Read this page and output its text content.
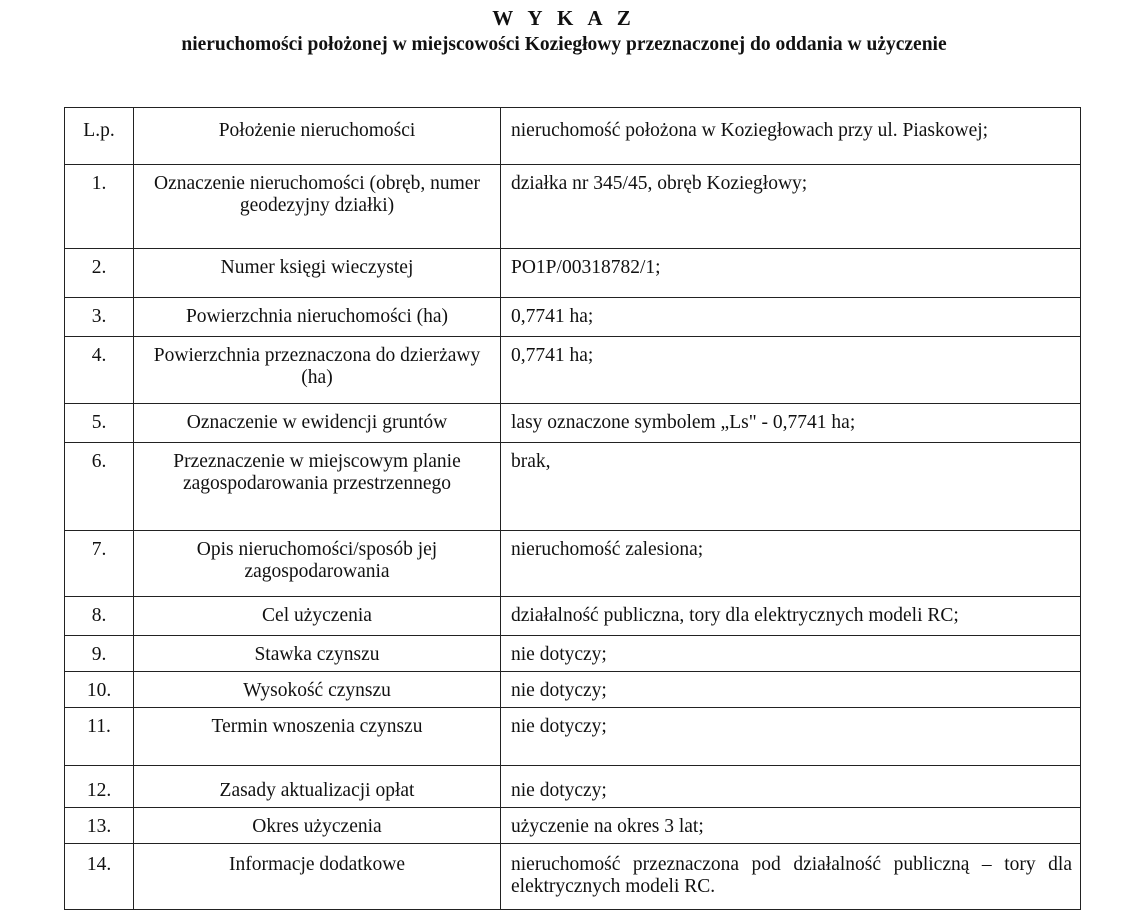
W Y K A Z
nieruchomości położonej w miejscowości Koziegłowy przeznaczonej do oddania w użyczenie
L.p.	Położenie nieruchomości	nieruchomość położona w Koziegłowach przy ul. Piaskowej;
1.	Oznaczenie nieruchomości (obręb, numer geodezyjny działki)	działka nr 345/45, obręb Koziegłowy;
2.	Numer księgi wieczystej	PO1P/00318782/1;
3.	Powierzchnia nieruchomości (ha)	0,7741 ha;
4.	Powierzchnia przeznaczona do dzierżawy (ha)	0,7741 ha;
5.	Oznaczenie w ewidencji gruntów	lasy oznaczone symbolem „Ls" - 0,7741 ha;
6.	Przeznaczenie w miejscowym planie zagospodarowania przestrzennego	brak,
7.	Opis nieruchomości/sposób jej zagospodarowania	nieruchomość zalesiona;
8.	Cel użyczenia	działalność publiczna, tory dla elektrycznych modeli RC;
9.	Stawka czynszu	nie dotyczy;
10.	Wysokość czynszu	nie dotyczy;
11.	Termin wnoszenia czynszu	nie dotyczy;
12.	Zasady aktualizacji opłat	nie dotyczy;
13.	Okres użyczenia	użyczenie na okres 3 lat;
14.	Informacje dodatkowe	nieruchomość przeznaczona pod działalność publiczną – tory dla elektrycznych modeli RC.
